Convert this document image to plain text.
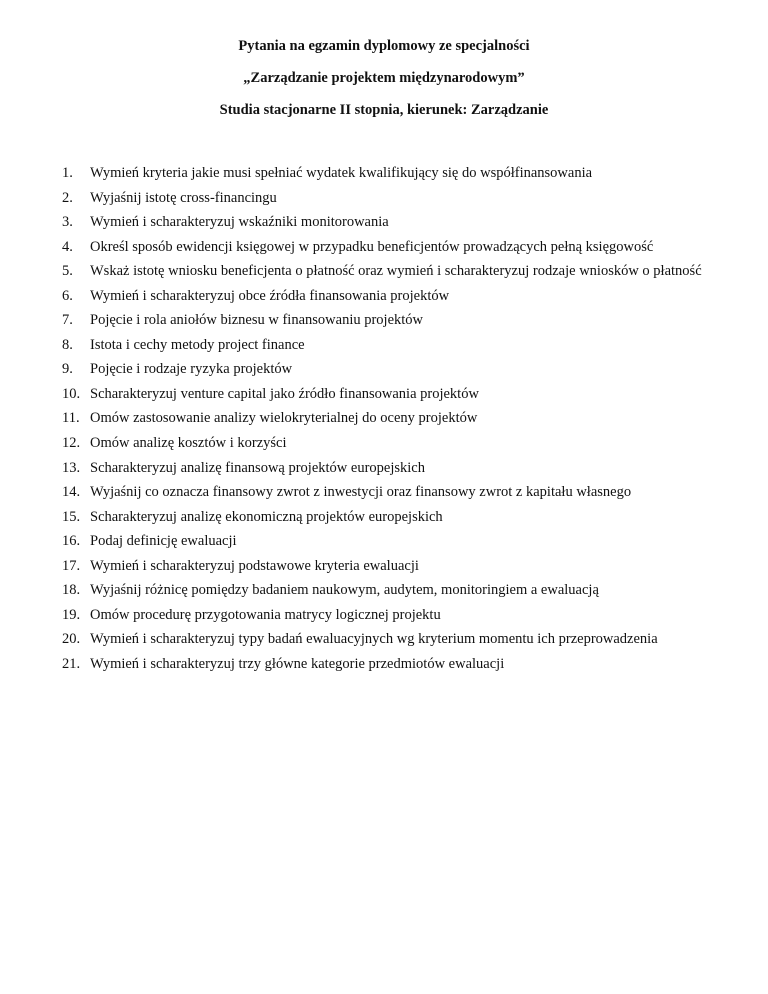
Pytania na egzamin dyplomowy ze specjalności
„Zarządzanie projektem międzynarodowym”
Studia stacjonarne II stopnia, kierunek: Zarządzanie
1.	Wymień kryteria jakie musi spełniać wydatek kwalifikujący się do współfinansowania
2.	Wyjaśnij istotę cross-financingu
3.	Wymień i scharakteryzuj wskaźniki monitorowania
4.	Określ sposób ewidencji księgowej w przypadku beneficjentów prowadzących pełną księgowość
5.	Wskaż istotę wniosku beneficjenta o płatność oraz wymień i scharakteryzuj rodzaje wniosków o płatność
6.	Wymień i scharakteryzuj obce źródła finansowania projektów
7.	Pojęcie i rola aniołów biznesu w finansowaniu projektów
8.	Istota i cechy metody project finance
9.	Pojęcie i rodzaje ryzyka projektów
10. Scharakteryzuj venture capital jako źródło finansowania projektów
11. Omów zastosowanie analizy wielokryterialnej do oceny projektów
12. Omów analizę kosztów i korzyści
13. Scharakteryzuj analizę finansową projektów europejskich
14. Wyjaśnij co oznacza finansowy zwrot z inwestycji oraz finansowy zwrot z kapitału własnego
15. Scharakteryzuj analizę ekonomiczną projektów europejskich
16. Podaj definicję ewaluacji
17. Wymień i scharakteryzuj podstawowe kryteria ewaluacji
18. Wyjaśnij różnicę pomiędzy badaniem naukowym, audytem, monitoringiem a ewaluacją
19. Omów procedurę przygotowania matrycy logicznej projektu
20. Wymień i scharakteryzuj typy badań ewaluacyjnych wg kryterium momentu ich przeprowadzenia
21. Wymień i scharakteryzuj trzy główne kategorie przedmiotów ewaluacji
